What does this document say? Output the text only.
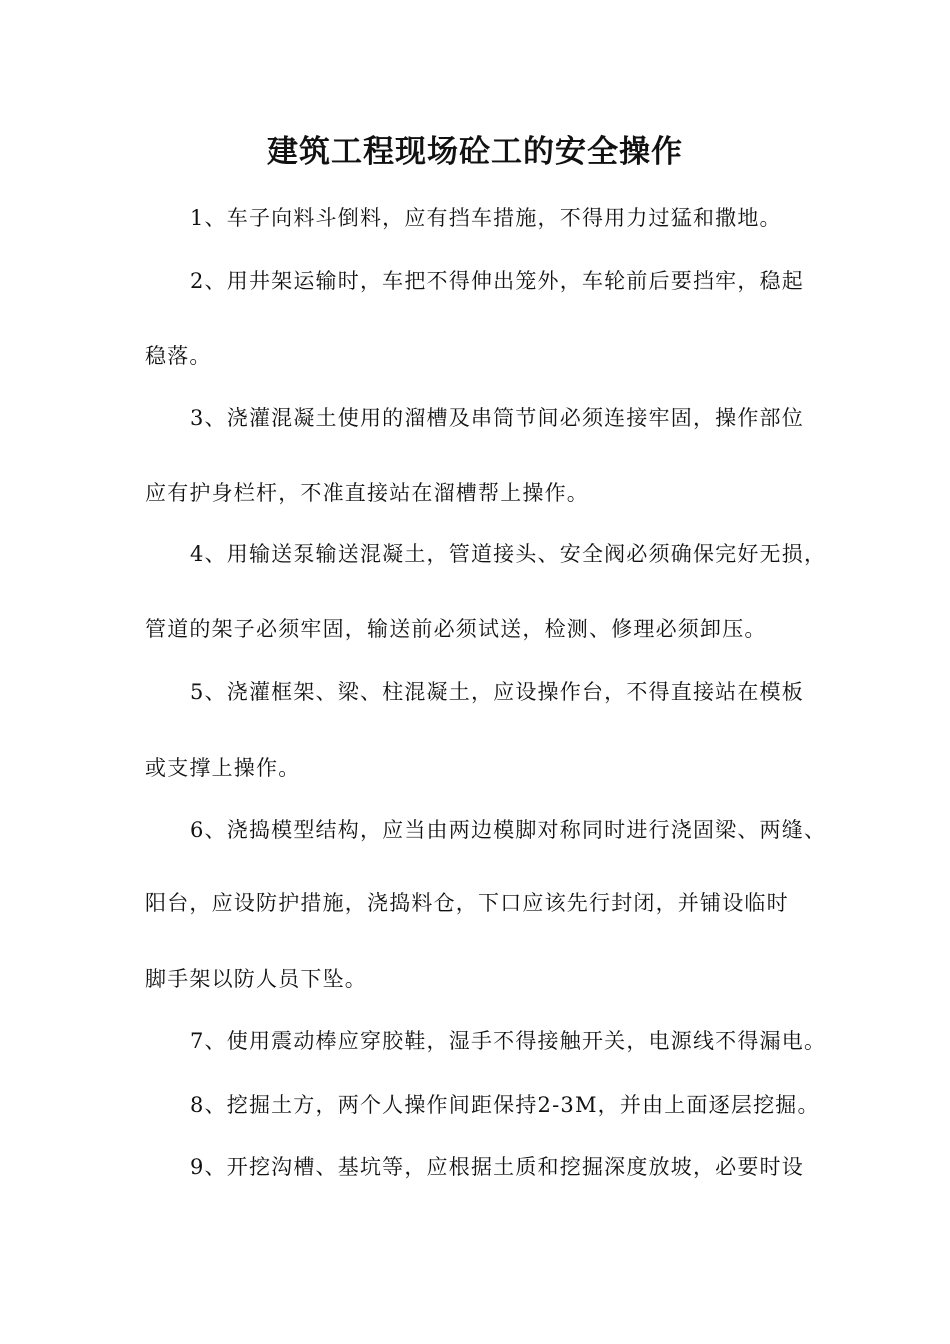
建筑工程现场砼工的安全操作
1、车子向料斗倒料，应有挡车措施，不得用力过猛和撒地。
2、用井架运输时，车把不得伸出笼外，车轮前后要挡牢，稳起
稳落。
3、浇灌混凝土使用的溜槽及串筒节间必须连接牢固，操作部位
应有护身栏杆，不准直接站在溜槽帮上操作。
4、用输送泵输送混凝土，管道接头、安全阀必须确保完好无损，
管道的架子必须牢固，输送前必须试送，检测、修理必须卸压。
5、浇灌框架、梁、柱混凝土，应设操作台，不得直接站在模板
或支撑上操作。
6、浇捣模型结构，应当由两边模脚对称同时进行浇固梁、两缝、
阳台，应设防护措施，浇捣料仓，下口应该先行封闭，并铺设临时
脚手架以防人员下坠。
7、使用震动棒应穿胶鞋，湿手不得接触开关，电源线不得漏电。
8、挖掘土方，两个人操作间距保持2-3M，并由上面逐层挖掘。
9、开挖沟槽、基坑等，应根据土质和挖掘深度放坡，必要时设
